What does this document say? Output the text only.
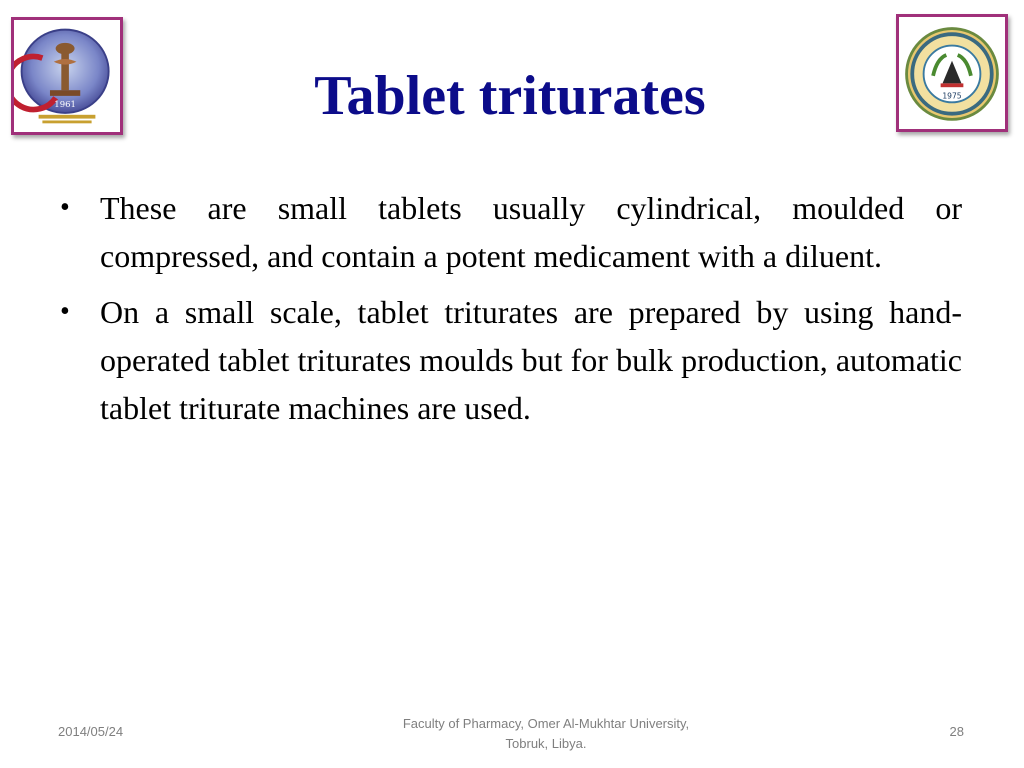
1961
1975
Tablet triturates
• These are small tablets usually cylindrical, moulded or compressed, and contain a potent medicament with a diluent.
• On a small scale, tablet triturates are prepared by using hand-operated tablet triturates moulds but for bulk production, automatic tablet triturate machines are used.
2014/05/24
Faculty of Pharmacy, Omer Al-Mukhtar University,
Tobruk, Libya.
28
